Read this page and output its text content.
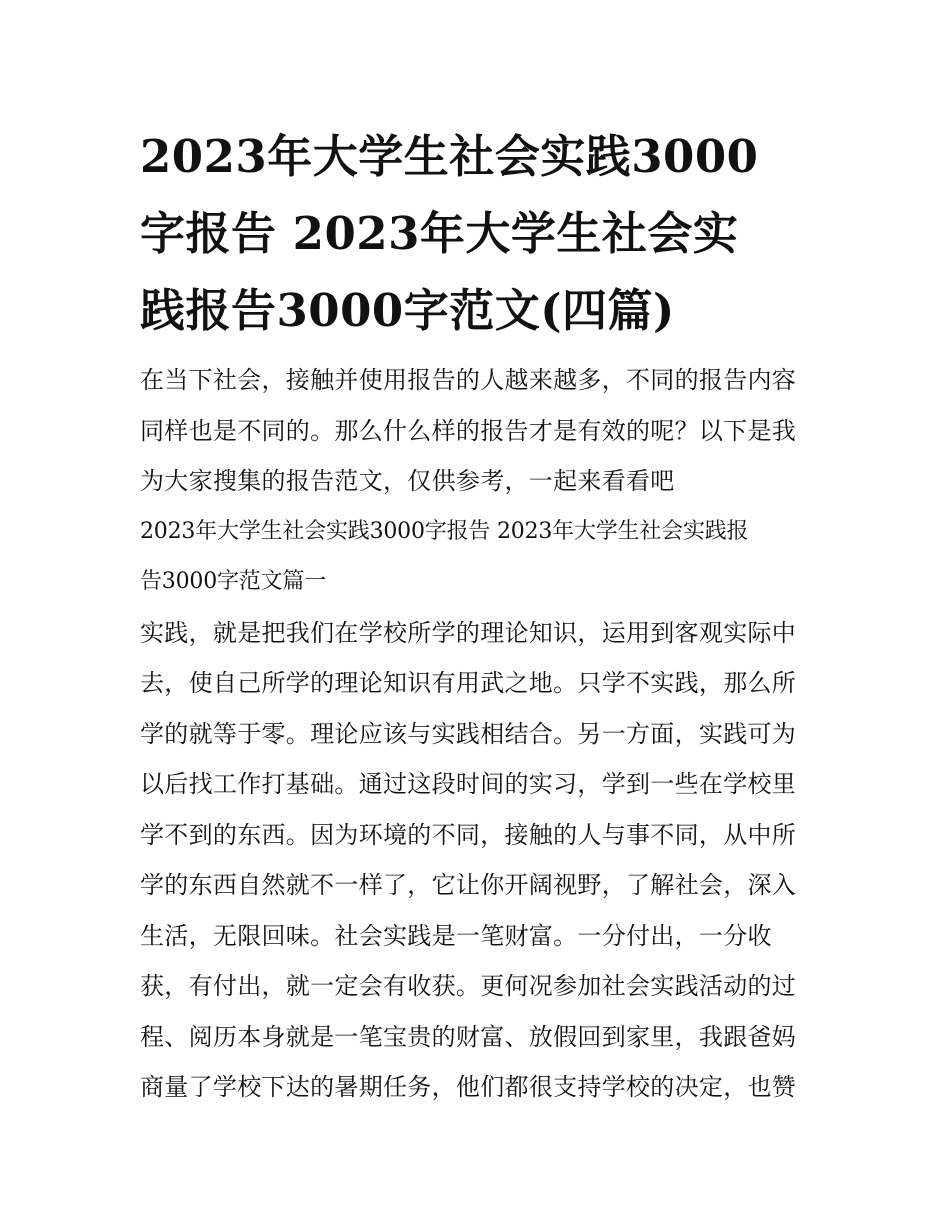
2023年大学生社会实践3000
字报告 2023年大学生社会实
践报告3000字范文(四篇)

在当下社会，接触并使用报告的人越来越多，不同的报告内容
同样也是不同的。那么什么样的报告才是有效的呢？以下是我
为大家搜集的报告范文，仅供参考，一起来看看吧

2023年大学生社会实践3000字报告 2023年大学生社会实践报
告3000字范文篇一

实践，就是把我们在学校所学的理论知识，运用到客观实际中
去，使自己所学的理论知识有用武之地。只学不实践，那么所
学的就等于零。理论应该与实践相结合。另一方面，实践可为
以后找工作打基础。通过这段时间的实习，学到一些在学校里
学不到的东西。因为环境的不同，接触的人与事不同，从中所
学的东西自然就不一样了，它让你开阔视野，了解社会，深入
生活，无限回味。社会实践是一笔财富。一分付出，一分收
获，有付出，就一定会有收获。更何况参加社会实践活动的过
程、阅历本身就是一笔宝贵的财富、放假回到家里，我跟爸妈
商量了学校下达的暑期任务，他们都很支持学校的决定，也赞
